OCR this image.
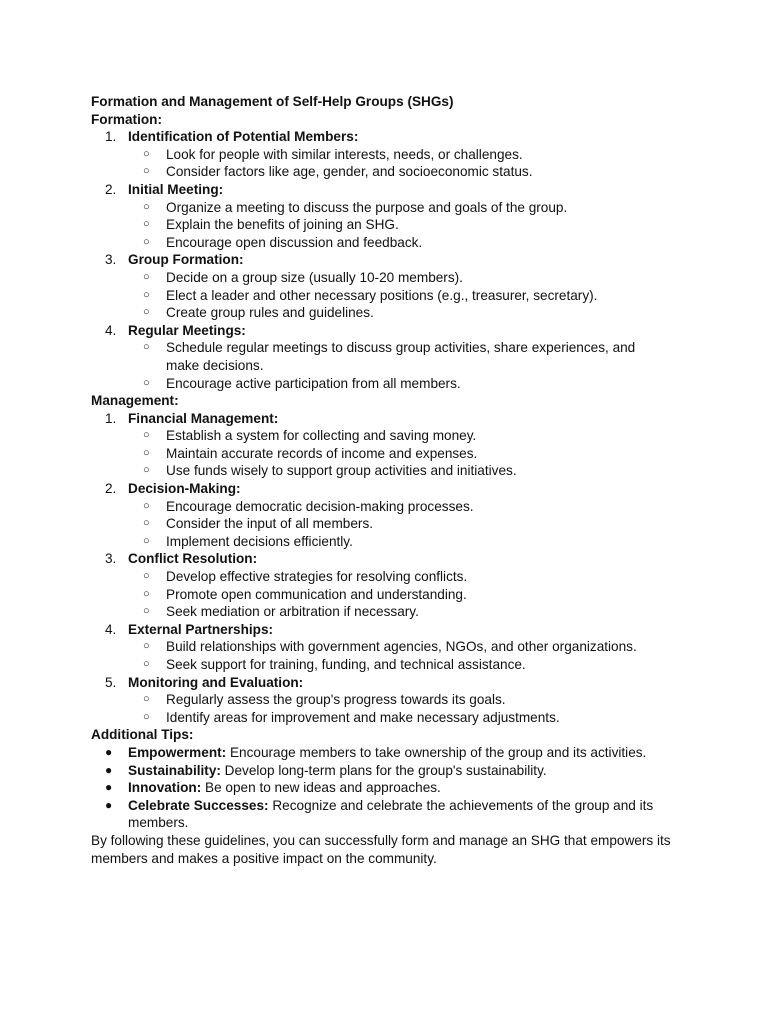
Formation and Management of Self-Help Groups (SHGs)
Formation:
1. Identification of Potential Members:
○ Look for people with similar interests, needs, or challenges.
○ Consider factors like age, gender, and socioeconomic status.
2. Initial Meeting:
○ Organize a meeting to discuss the purpose and goals of the group.
○ Explain the benefits of joining an SHG.
○ Encourage open discussion and feedback.
3. Group Formation:
○ Decide on a group size (usually 10-20 members).
○ Elect a leader and other necessary positions (e.g., treasurer, secretary).
○ Create group rules and guidelines.
4. Regular Meetings:
○ Schedule regular meetings to discuss group activities, share experiences, and make decisions.
○ Encourage active participation from all members.
Management:
1. Financial Management:
○ Establish a system for collecting and saving money.
○ Maintain accurate records of income and expenses.
○ Use funds wisely to support group activities and initiatives.
2. Decision-Making:
○ Encourage democratic decision-making processes.
○ Consider the input of all members.
○ Implement decisions efficiently.
3. Conflict Resolution:
○ Develop effective strategies for resolving conflicts.
○ Promote open communication and understanding.
○ Seek mediation or arbitration if necessary.
4. External Partnerships:
○ Build relationships with government agencies, NGOs, and other organizations.
○ Seek support for training, funding, and technical assistance.
5. Monitoring and Evaluation:
○ Regularly assess the group's progress towards its goals.
○ Identify areas for improvement and make necessary adjustments.
Additional Tips:
● Empowerment: Encourage members to take ownership of the group and its activities.
● Sustainability: Develop long-term plans for the group's sustainability.
● Innovation: Be open to new ideas and approaches.
● Celebrate Successes: Recognize and celebrate the achievements of the group and its members.
By following these guidelines, you can successfully form and manage an SHG that empowers its members and makes a positive impact on the community.
